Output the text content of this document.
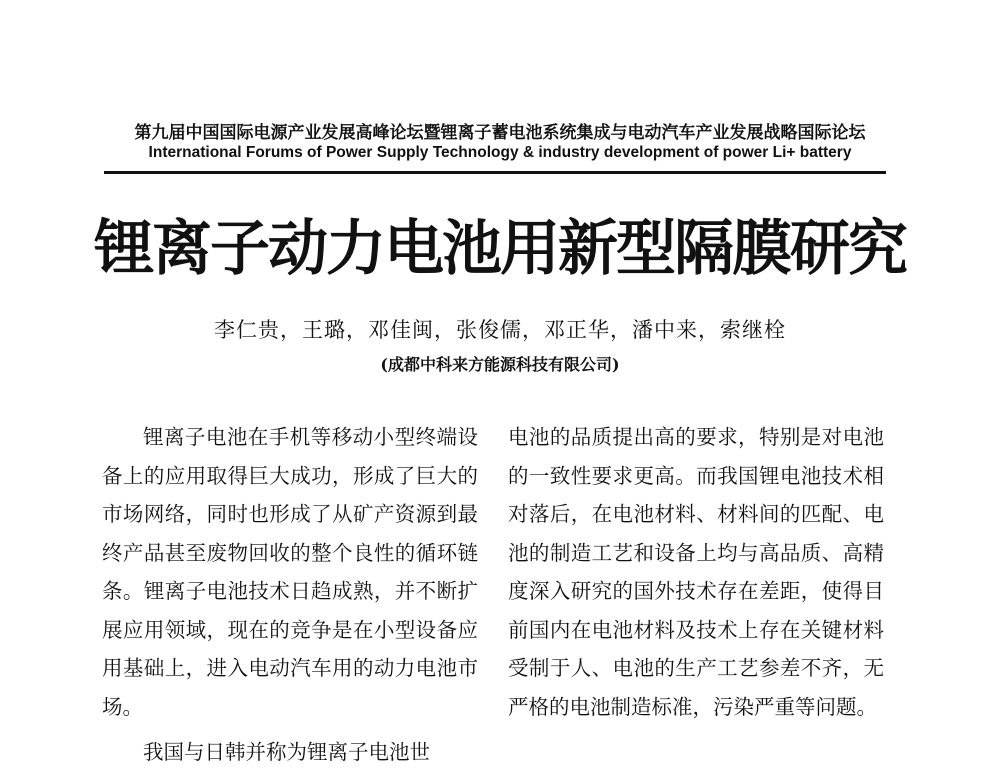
第九届中国国际电源产业发展高峰论坛暨锂离子蓄电池系统集成与电动汽车产业发展战略国际论坛
International Forums of Power Supply Technology & industry development of power Li+ battery
锂离子动力电池用新型隔膜研究
李仁贵，王璐，邓佳闽，张俊儒，邓正华，潘中来，索继栓
(成都中科来方能源科技有限公司)

锂离子电池在手机等移动小型终端设备上的应用取得巨大成功，形成了巨大的市场网络，同时也形成了从矿产资源到最终产品甚至废物回收的整个良性的循环链条。锂离子电池技术日趋成熟，并不断扩展应用领域，现在的竞争是在小型设备应用基础上，进入电动汽车用的动力电池市场。

我国与日韩并称为锂离子电池世

电池的品质提出高的要求，特别是对电池的一致性要求更高。而我国锂电池技术相对落后，在电池材料、材料间的匹配、电池的制造工艺和设备上均与高品质、高精度深入研究的国外技术存在差距，使得目前国内在电池材料及技术上存在关键材料受制于人、电池的生产工艺参差不齐，无严格的电池制造标准，污染严重等问题。
